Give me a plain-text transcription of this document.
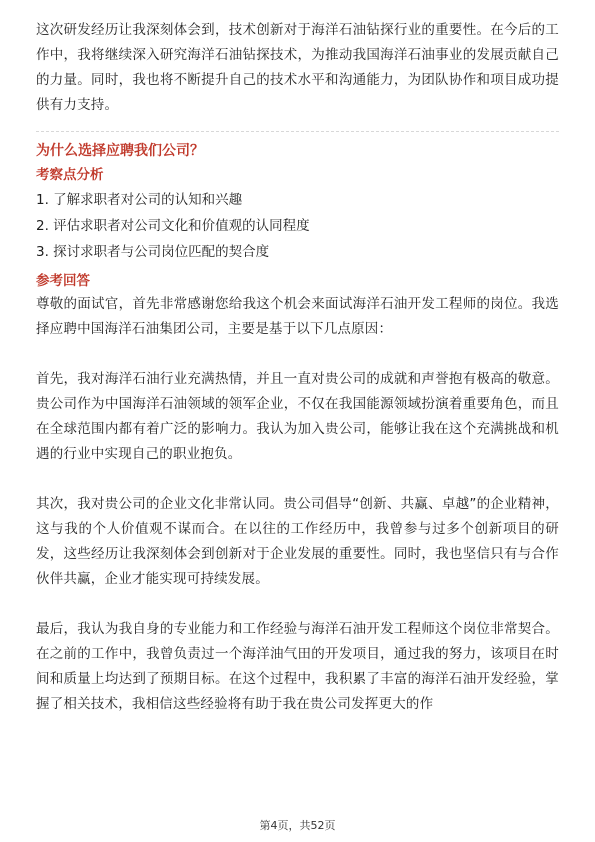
这次研发经历让我深刻体会到，技术创新对于海洋石油钻探行业的重要性。在今后的工作中，我将继续深入研究海洋石油钻探技术，为推动我国海洋石油事业的发展贡献自己的力量。同时，我也将不断提升自己的技术水平和沟通能力，为团队协作和项目成功提供有力支持。

为什么选择应聘我们公司？

考察点分析

1. 了解求职者对公司的认知和兴趣
2. 评估求职者对公司文化和价值观的认同程度
3. 探讨求职者与公司岗位匹配的契合度

参考回答

尊敬的面试官，首先非常感谢您给我这个机会来面试海洋石油开发工程师的岗位。我选择应聘中国海洋石油集团公司，主要是基于以下几点原因：

首先，我对海洋石油行业充满热情，并且一直对贵公司的成就和声誉抱有极高的敬意。贵公司作为中国海洋石油领域的领军企业，不仅在我国能源领域扮演着重要角色，而且在全球范围内都有着广泛的影响力。我认为加入贵公司，能够让我在这个充满挑战和机遇的行业中实现自己的职业抱负。

其次，我对贵公司的企业文化非常认同。贵公司倡导“创新、共赢、卓越”的企业精神，这与我的个人价值观不谋而合。在以往的工作经历中，我曾参与过多个创新项目的研发，这些经历让我深刻体会到创新对于企业发展的重要性。同时，我也坚信只有与合作伙伴共赢，企业才能实现可持续发展。

最后，我认为我自身的专业能力和工作经验与海洋石油开发工程师这个岗位非常契合。在之前的工作中，我曾负责过一个海洋油气田的开发项目，通过我的努力，该项目在时间和质量上均达到了预期目标。在这个过程中，我积累了丰富的海洋石油开发经验，掌握了相关技术，我相信这些经验将有助于我在贵公司发挥更大的作

第4页，共52页
